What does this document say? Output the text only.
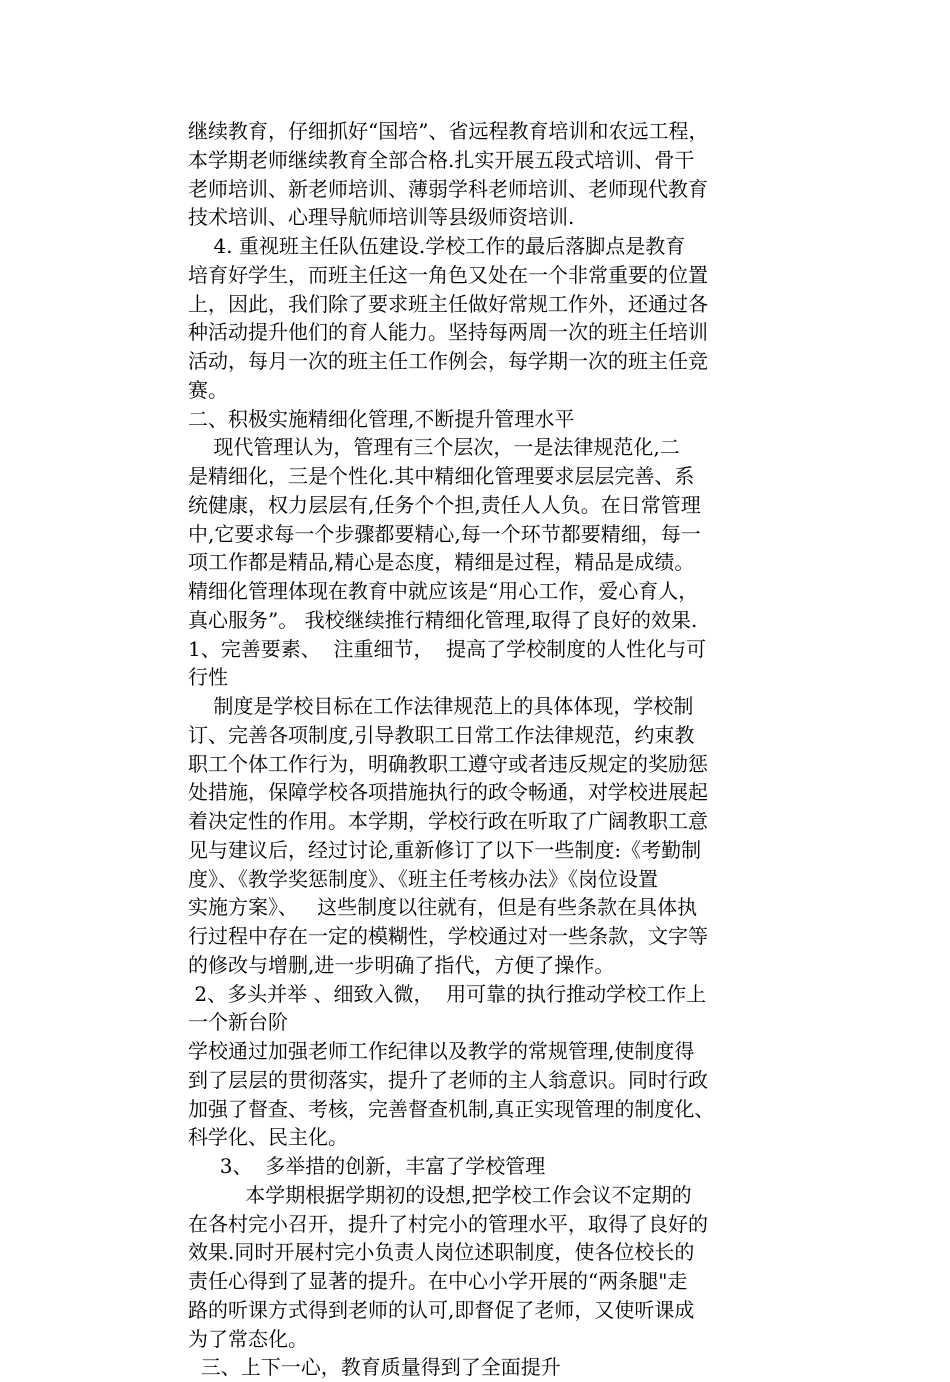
继续教育，仔细抓好“国培”、省远程教育培训和农远工程，
本学期老师继续教育全部合格.扎实开展五段式培训、骨干
老师培训、新老师培训、薄弱学科老师培训、老师现代教育
技术培训、心理导航师培训等县级师资培训.
4. 重视班主任队伍建设.学校工作的最后落脚点是教育
培育好学生，而班主任这一角色又处在一个非常重要的位置
上，因此，我们除了要求班主任做好常规工作外，还通过各
种活动提升他们的育人能力。坚持每两周一次的班主任培训
活动，每月一次的班主任工作例会，每学期一次的班主任竞
赛。
二、积极实施精细化管理,不断提升管理水平
现代管理认为，管理有三个层次，一是法律规范化,二
是精细化，三是个性化.其中精细化管理要求层层完善、系
统健康，权力层层有,任务个个担,责任人人负。在日常管理
中,它要求每一个步骤都要精心,每一个环节都要精细，每一
项工作都是精品,精心是态度，精细是过程，精品是成绩。
精细化管理体现在教育中就应该是“用心工作，爱心育人，
真心服务”。 我校继续推行精细化管理,取得了良好的效果.
1、完善要素、  注重细节，  提高了学校制度的人性化与可
行性
制度是学校目标在工作法律规范上的具体体现，学校制
订、完善各项制度,引导教职工日常工作法律规范，约束教
职工个体工作行为，明确教职工遵守或者违反规定的奖励惩
处措施，保障学校各项措施执行的政令畅通，对学校进展起
着决定性的作用。本学期，学校行政在听取了广阔教职工意
见与建议后，经过讨论,重新修订了以下一些制度:《考勤制
度》、《教学奖惩制度》、《班主任考核办法》《岗位设置
实施方案》、   这些制度以往就有，但是有些条款在具体执
行过程中存在一定的模糊性，学校通过对一些条款，文字等
的修改与增删,进一步明确了指代，方便了操作。
2、多头并举 、细致入微，  用可靠的执行推动学校工作上
一个新台阶
学校通过加强老师工作纪律以及教学的常规管理,使制度得
到了层层的贯彻落实，提升了老师的主人翁意识。同时行政
加强了督查、考核，完善督查机制,真正实现管理的制度化、
科学化、民主化。
3、  多举措的创新，丰富了学校管理
本学期根据学期初的设想,把学校工作会议不定期的
在各村完小召开，提升了村完小的管理水平，取得了良好的
效果.同时开展村完小负责人岗位述职制度，使各位校长的
责任心得到了显著的提升。在中心小学开展的“两条腿"走
路的听课方式得到老师的认可,即督促了老师，又使听课成
为了常态化。
三、上下一心，教育质量得到了全面提升
